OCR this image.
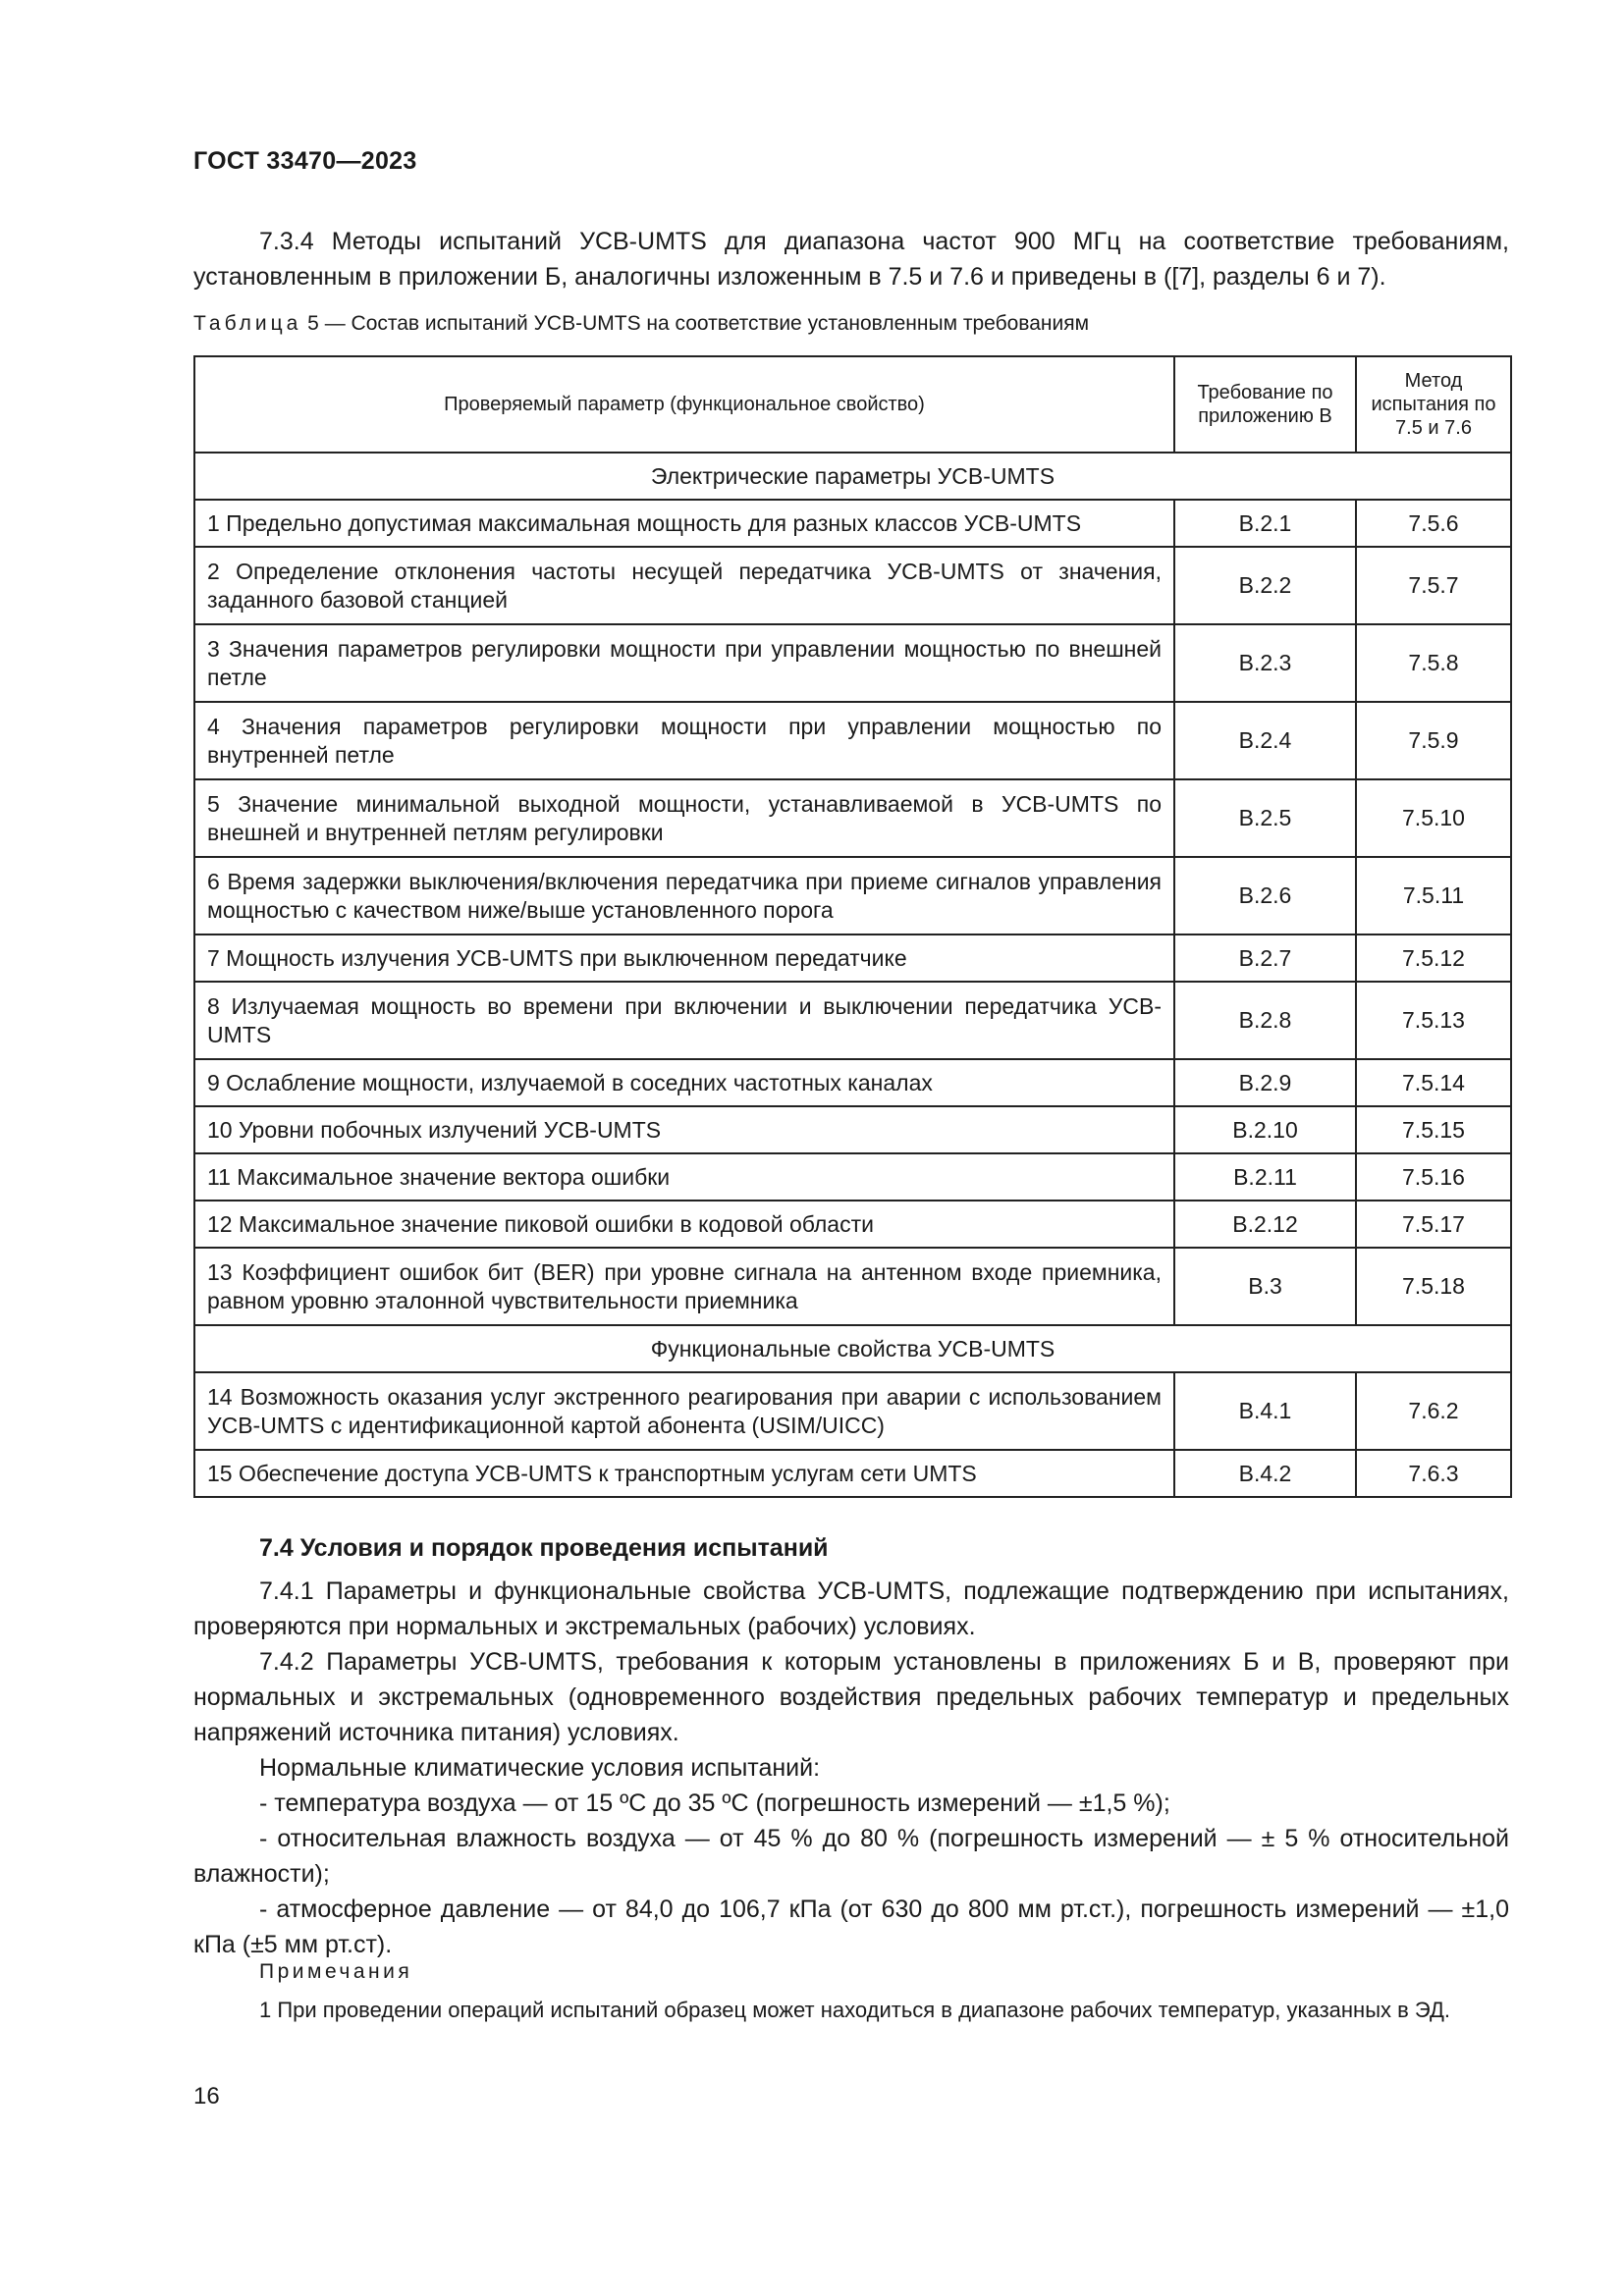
ГОСТ 33470—2023

7.3.4 Методы испытаний УСВ-UMTS для диапазона частот 900 МГц на соответствие требованиям, установленным в приложении Б, аналогичны изложенным в 7.5 и 7.6 и приведены в ([7], разделы 6 и 7).

Таблица 5 — Состав испытаний УСВ-UMTS на соответствие установленным требованиям
Проверяемый параметр (функциональное свойство)	Требование по приложению В	Метод испытания по 7.5 и 7.6
Электрические параметры УСВ-UMTS		
1 Предельно допустимая максимальная мощность для разных классов УСВ-UMTS	В.2.1	7.5.6
2 Определение отклонения частоты несущей передатчика УСВ-UMTS от значения, заданного базовой станцией	В.2.2	7.5.7
3 Значения параметров регулировки мощности при управлении мощностью по внешней петле	В.2.3	7.5.8
4 Значения параметров регулировки мощности при управлении мощностью по внутренней петле	В.2.4	7.5.9
5 Значение минимальной выходной мощности, устанавливаемой в УСВ-UMTS по внешней и внутренней петлям регулировки	В.2.5	7.5.10
6 Время задержки выключения/включения передатчика при приеме сигналов управления мощностью с качеством ниже/выше установленного порога	В.2.6	7.5.11
7 Мощность излучения УСВ-UMTS при выключенном передатчике	В.2.7	7.5.12
8 Излучаемая мощность во времени при включении и выключении передатчика УСВ-UMTS	В.2.8	7.5.13
9 Ослабление мощности, излучаемой в соседних частотных каналах	В.2.9	7.5.14
10 Уровни побочных излучений УСВ-UMTS	В.2.10	7.5.15
11 Максимальное значение вектора ошибки	В.2.11	7.5.16
12 Максимальное значение пиковой ошибки в кодовой области	В.2.12	7.5.17
13 Коэффициент ошибок бит (BER) при уровне сигнала на антенном входе приемника, равном уровню эталонной чувствительности приемника	В.3	7.5.18
Функциональные свойства УСВ-UMTS		
14 Возможность оказания услуг экстренного реагирования при аварии с использованием УСВ-UMTS с идентификационной картой абонента (USIM/UICC)	В.4.1	7.6.2
15 Обеспечение доступа УСВ-UMTS к транспортным услугам сети UMTS	В.4.2	7.6.3
7.4 Условия и порядок проведения испытаний

7.4.1 Параметры и функциональные свойства УСВ-UMTS, подлежащие подтверждению при испытаниях, проверяются при нормальных и экстремальных (рабочих) условиях.

7.4.2 Параметры УСВ-UMTS, требования к которым установлены в приложениях Б и В, проверяют при нормальных и экстремальных (одновременного воздействия предельных рабочих температур и предельных напряжений источника питания) условиях.

Нормальные климатические условия испытаний:

- температура воздуха — от 15 ºС до 35 ºС (погрешность измерений — ±1,5 %);

- относительная влажность воздуха — от 45 % до 80 % (погрешность измерений — ± 5 % относительной влажности);

- атмосферное давление — от 84,0 до 106,7 кПа (от 630 до 800 мм рт.ст.), погрешность измерений — ±1,0 кПа (±5 мм рт.ст).

Примечания

1 При проведении операций испытаний образец может находиться в диапазоне рабочих температур, указанных в ЭД.

16
